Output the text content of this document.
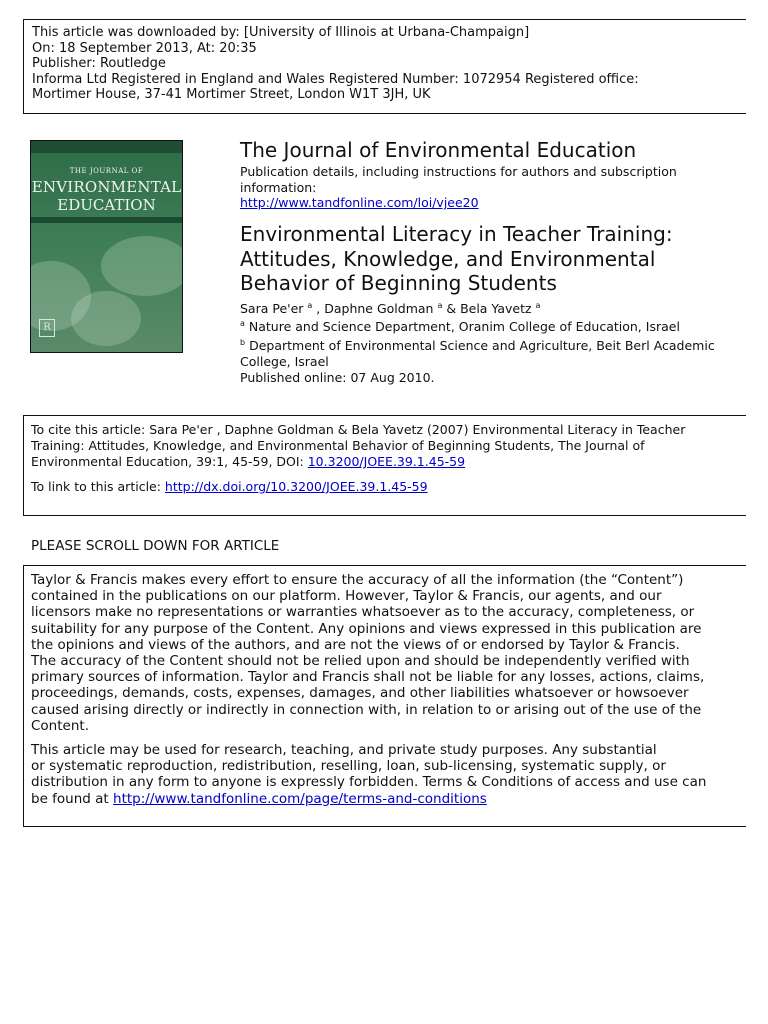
This article was downloaded by: [University of Illinois at Urbana-Champaign]
On: 18 September 2013, At: 20:35
Publisher: Routledge
Informa Ltd Registered in England and Wales Registered Number: 1072954 Registered office:
Mortimer House, 37-41 Mortimer Street, London W1T 3JH, UK
THE JOURNAL OF
ENVIRONMENTAL
EDUCATION
R
The Journal of Environmental Education
Publication details, including instructions for authors and subscription
information:
http://www.tandfonline.com/loi/vjee20
Environmental Literacy in Teacher Training:
Attitudes, Knowledge, and Environmental
Behavior of Beginning Students
Sara Pe'er $^a$ , Daphne Goldman $^a$ & Bela Yavetz $^a$
$^a$ Nature and Science Department, Oranim College of Education, Israel
$^b$ Department of Environmental Science and Agriculture, Beit Berl Academic
College, Israel
Published online: 07 Aug 2010.
To cite this article: Sara Pe'er , Daphne Goldman & Bela Yavetz (2007) Environmental Literacy in Teacher
Training: Attitudes, Knowledge, and Environmental Behavior of Beginning Students, The Journal of
Environmental Education, 39:1, 45-59, DOI: 10.3200/JOEE.39.1.45-59
To link to this article: http://dx.doi.org/10.3200/JOEE.39.1.45-59
PLEASE SCROLL DOWN FOR ARTICLE
Taylor & Francis makes every effort to ensure the accuracy of all the information (the “Content”)
contained in the publications on our platform. However, Taylor & Francis, our agents, and our
licensors make no representations or warranties whatsoever as to the accuracy, completeness, or
suitability for any purpose of the Content. Any opinions and views expressed in this publication are
the opinions and views of the authors, and are not the views of or endorsed by Taylor & Francis.
The accuracy of the Content should not be relied upon and should be independently verified with
primary sources of information. Taylor and Francis shall not be liable for any losses, actions, claims,
proceedings, demands, costs, expenses, damages, and other liabilities whatsoever or howsoever
caused arising directly or indirectly in connection with, in relation to or arising out of the use of the
Content.
This article may be used for research, teaching, and private study purposes. Any substantial
or systematic reproduction, redistribution, reselling, loan, sub-licensing, systematic supply, or
distribution in any form to anyone is expressly forbidden. Terms & Conditions of access and use can
be found at http://www.tandfonline.com/page/terms-and-conditions
